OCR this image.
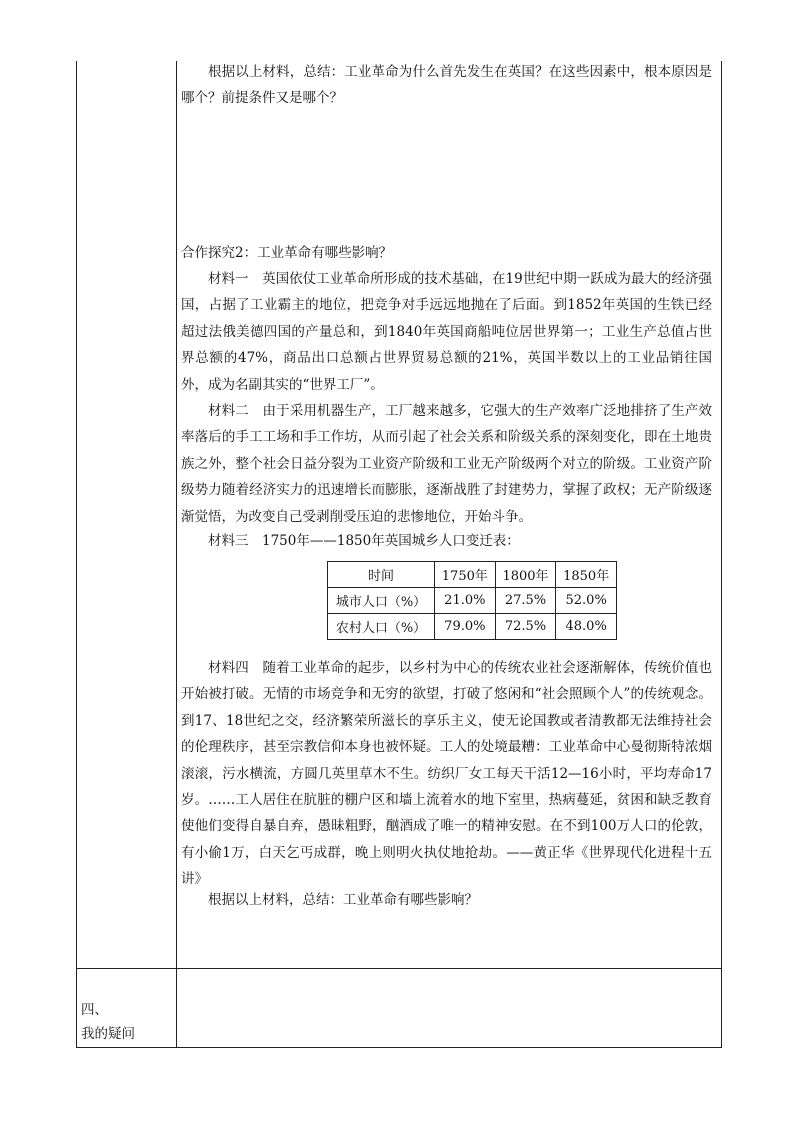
根据以上材料，总结：工业革命为什么首先发生在英国？在这些因素中，根本原因是哪个？前提条件又是哪个？
合作探究2：工业革命有哪些影响？
材料一　英国依仗工业革命所形成的技术基础，在19世纪中期一跃成为最大的经济强国，占据了工业霸主的地位，把竞争对手远远地抛在了后面。到1852年英国的生铁已经超过法俄美德四国的产量总和，到1840年英国商船吨位居世界第一；工业生产总值占世界总额的47%，商品出口总额占世界贸易总额的21%，英国半数以上的工业品销往国外，成为名副其实的“世界工厂”。
材料二　由于采用机器生产，工厂越来越多，它强大的生产效率广泛地排挤了生产效率落后的手工工场和手工作坊，从而引起了社会关系和阶级关系的深刻变化，即在土地贵族之外，整个社会日益分裂为工业资产阶级和工业无产阶级两个对立的阶级。工业资产阶级势力随着经济实力的迅速增长而膨胀，逐渐战胜了封建势力，掌握了政权；无产阶级逐渐觉悟，为改变自己受剥削受压迫的悲惨地位，开始斗争。
材料三　1750年——1850年英国城乡人口变迁表：
时间	1750年	1800年	1850年
城市人口（%）	21.0%	27.5%	52.0%
农村人口（%）	79.0%	72.5%	48.0%
材料四　随着工业革命的起步，以乡村为中心的传统农业社会逐渐解体，传统价值也开始被打破。无情的市场竞争和无穷的欲望，打破了悠闲和“社会照顾个人”的传统观念。到17、18世纪之交，经济繁荣所滋长的享乐主义，使无论国教或者清教都无法维持社会的伦理秩序，甚至宗教信仰本身也被怀疑。工人的处境最糟：工业革命中心曼彻斯特浓烟滚滚，污水横流，方圆几英里草木不生。纺织厂女工每天干活12—16小时，平均寿命17岁。……工人居住在肮脏的棚户区和墙上流着水的地下室里，热病蔓延，贫困和缺乏教育使他们变得自暴自弃，愚昧粗野，酗酒成了唯一的精神安慰。在不到100万人口的伦敦，有小偷1万，白天乞丐成群，晚上则明火执仗地抢劫。——黄正华《世界现代化进程十五讲》
根据以上材料，总结：工业革命有哪些影响？
四、
我的疑问
